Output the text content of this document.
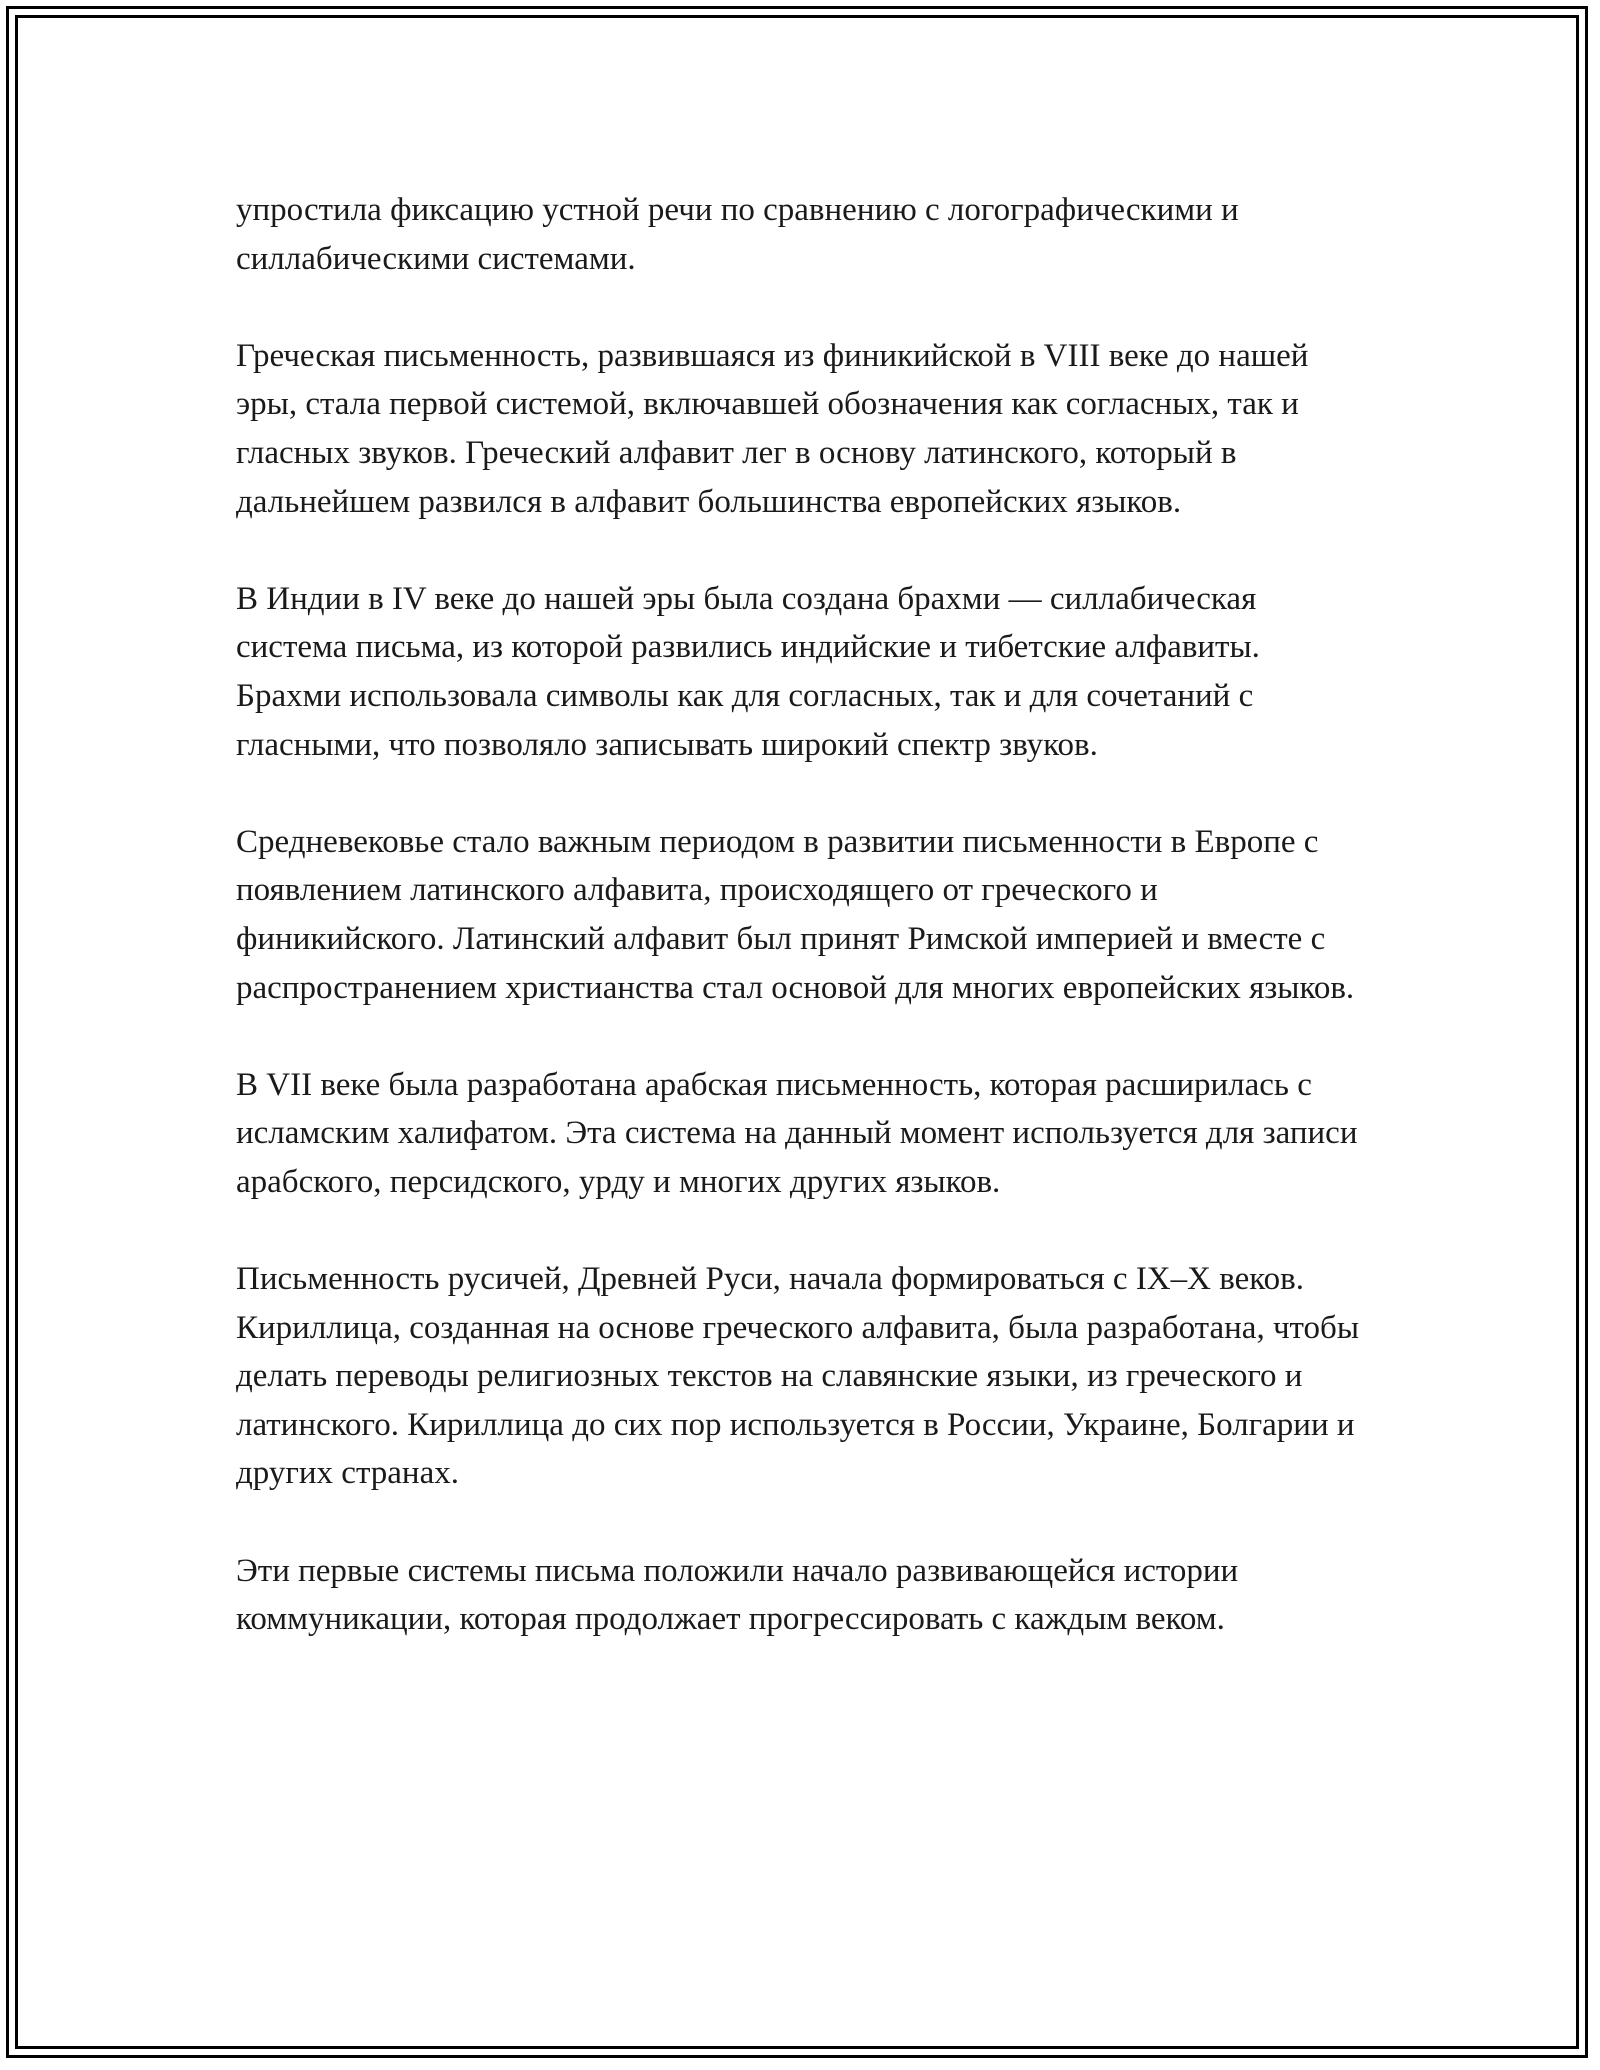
упростила фиксацию устной речи по сравнению с логографическими и силлабическими системами.

Греческая письменность, развившаяся из финикийской в VIII веке до нашей эры, стала первой системой, включавшей обозначения как согласных, так и гласных звуков. Греческий алфавит лег в основу латинского, который в дальнейшем развился в алфавит большинства европейских языков.

В Индии в IV веке до нашей эры была создана брахми — силлабическая система письма, из которой развились индийские и тибетские алфавиты. Брахми использовала символы как для согласных, так и для сочетаний с гласными, что позволяло записывать широкий спектр звуков.

Средневековье стало важным периодом в развитии письменности в Европе с появлением латинского алфавита, происходящего от греческого и финикийского. Латинский алфавит был принят Римской империей и вместе с распространением христианства стал основой для многих европейских языков.

В VII веке была разработана арабская письменность, которая расширилась с исламским халифатом. Эта система на данный момент используется для записи арабского, персидского, урду и многих других языков.

Письменность русичей, Древней Руси, начала формироваться с IX–X веков. Кириллица, созданная на основе греческого алфавита, была разработана, чтобы делать переводы религиозных текстов на славянские языки, из греческого и латинского. Кириллица до сих пор используется в России, Украине, Болгарии и других странах.

Эти первые системы письма положили начало развивающейся истории коммуникации, которая продолжает прогрессировать с каждым веком.
